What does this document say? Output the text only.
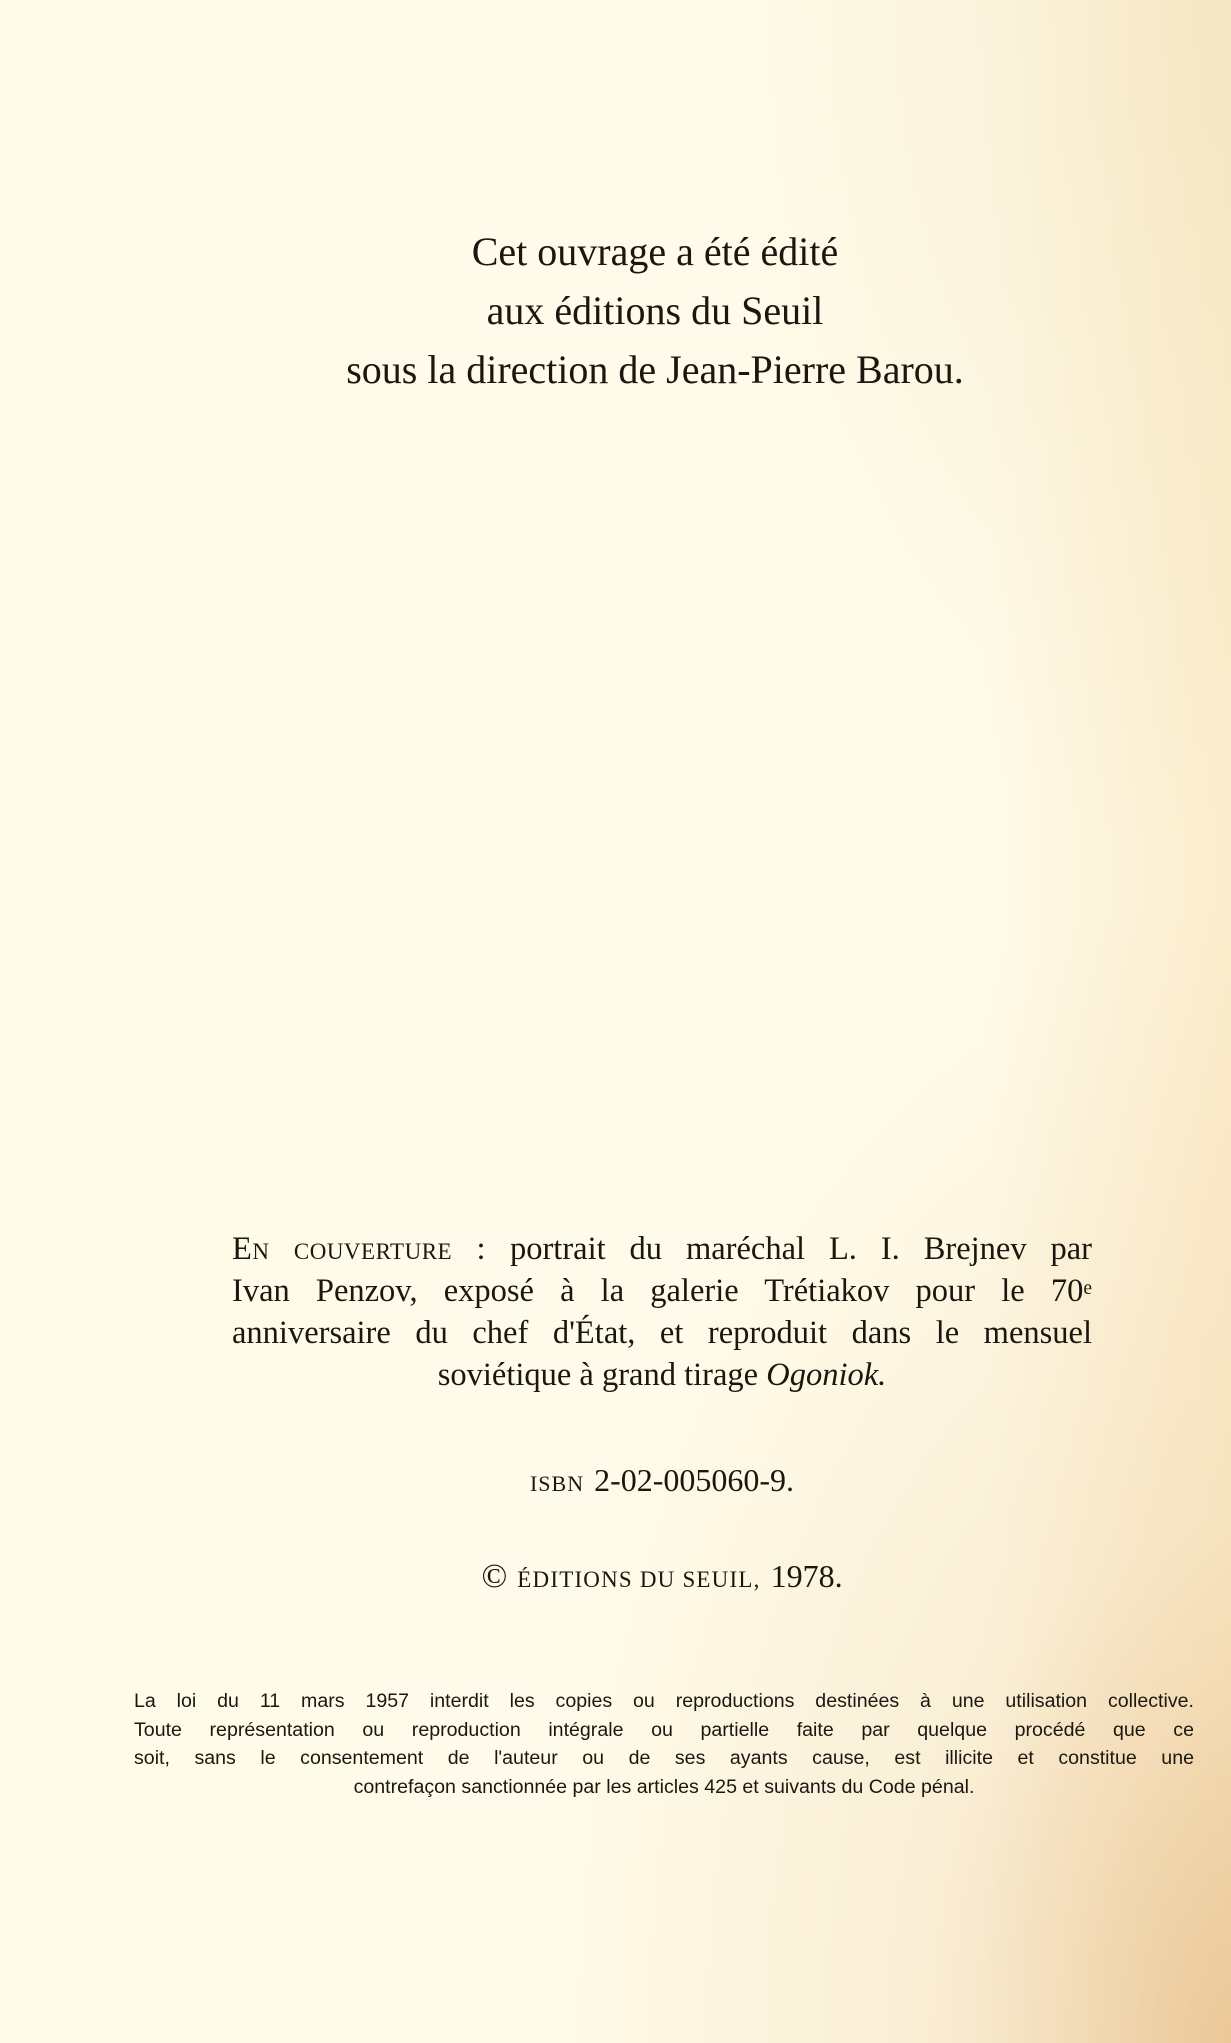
Cet ouvrage a été édité
aux éditions du Seuil
sous la direction de Jean-Pierre Barou.
En couverture : portrait du maréchal L. I. Brejnev par
Ivan Penzov, exposé à la galerie Trétiakov pour le 70e
anniversaire du chef d'État, et reproduit dans le mensuel
soviétique à grand tirage Ogoniok.
ISBN 2-02-005060-9.
© ÉDITIONS DU SEUIL, 1978.
La loi du 11 mars 1957 interdit les copies ou reproductions destinées à une utilisation collective.
Toute représentation ou reproduction intégrale ou partielle faite par quelque procédé que ce
soit, sans le consentement de l'auteur ou de ses ayants cause, est illicite et constitue une
contrefaçon sanctionnée par les articles 425 et suivants du Code pénal.
